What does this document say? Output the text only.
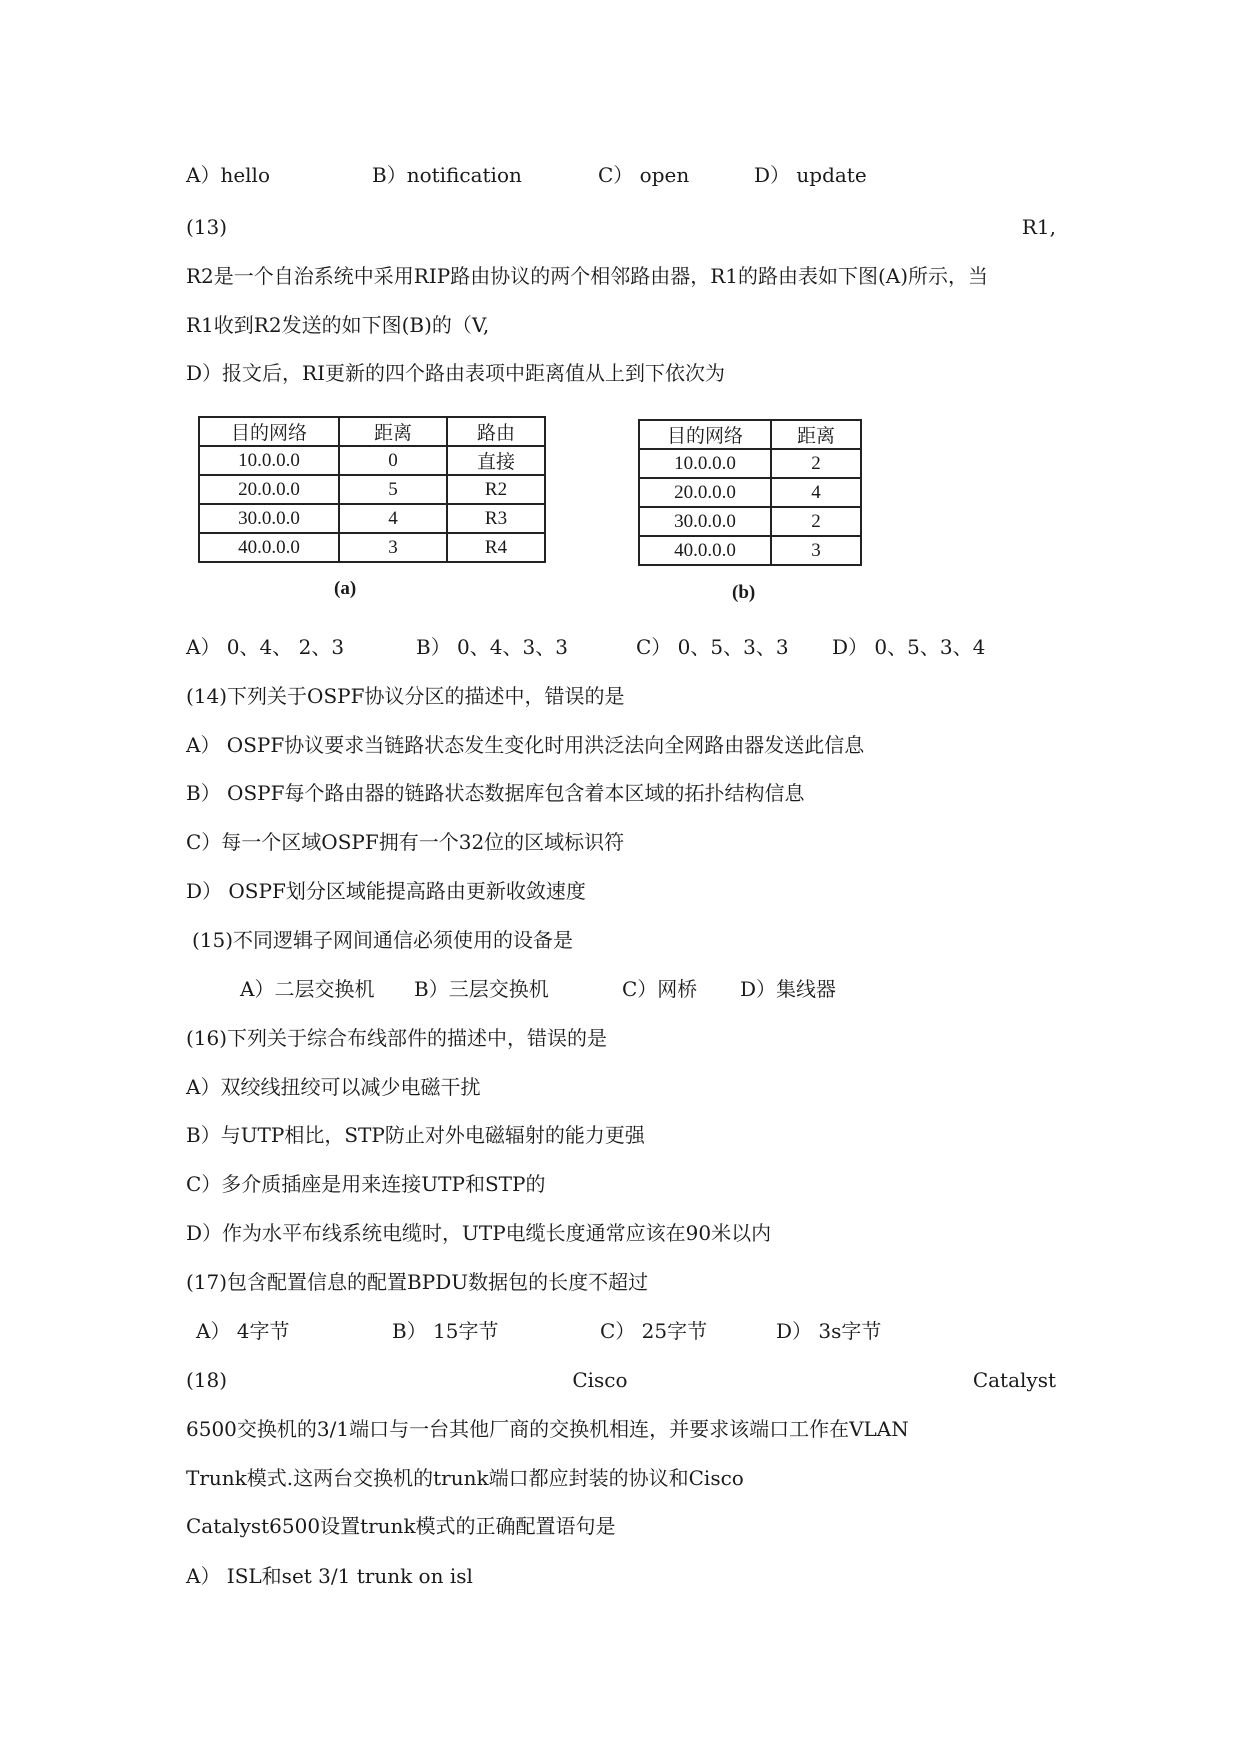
A）hello	B）notification	C） open	D） update
(13)	R1,
R2是一个自治系统中采用RIP路由协议的两个相邻路由器，R1的路由表如下图(A)所示，当
R1收到R2发送的如下图(B)的（V,
D）报文后，RI更新的四个路由表项中距离值从上到下依次为
目的网络	距离	路由
10.0.0.0	0	直接
20.0.0.0	5	R2
30.0.0.0	4	R3
40.0.0.0	3	R4
(a)
目的网络	距离
10.0.0.0	2
20.0.0.0	4
30.0.0.0	2
40.0.0.0	3
(b)
A） 0、4、 2、3	B） 0、4、3、3	C） 0、5、3、3	D） 0、5、3、4
(14)下列关于OSPF协议分区的描述中，错误的是
A） OSPF协议要求当链路状态发生变化时用洪泛法向全网路由器发送此信息
B） OSPF每个路由器的链路状态数据库包含着本区域的拓扑结构信息
C）每一个区域OSPF拥有一个32位的区域标识符
D） OSPF划分区域能提高路由更新收敛速度
(15)不同逻辑子网间通信必须使用的设备是
A）二层交换机	B）三层交换机	C）网桥	D）集线器
(16)下列关于综合布线部件的描述中，错误的是
A）双绞线扭绞可以减少电磁干扰
B）与UTP相比，STP防止对外电磁辐射的能力更强
C）多介质插座是用来连接UTP和STP的
D）作为水平布线系统电缆时，UTP电缆长度通常应该在90米以内
(17)包含配置信息的配置BPDU数据包的长度不超过
A） 4字节	B） 15字节	C） 25字节	D） 3s字节
(18)	Cisco	Catalyst
6500交换机的3/1端口与一台其他厂商的交换机相连，并要求该端口工作在VLAN
Trunk模式.这两台交换机的trunk端口都应封装的协议和Cisco
Catalyst6500设置trunk模式的正确配置语句是
A） ISL和set 3/1 trunk on isl
